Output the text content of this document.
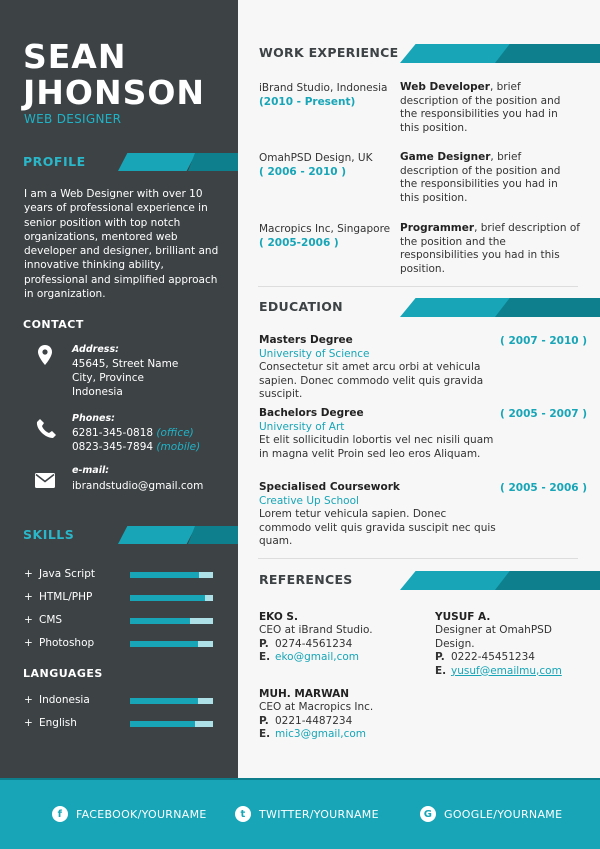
SEAN
JHONSON
WEB DESIGNER
PROFILE
I am a Web Designer with over 10 years of professional experience in senior position with top notch organizations, mentored web developer and designer, brilliant and innovative thinking ability, professional and simplified approach in organization.
CONTACT
Address:
45645, Street Name
City, Province
Indonesia
Phones:
6281-345-0818 (office)
0823-345-7894 (mobile)
e-mail:
ibrandstudio@gmail.com
SKILLS
+ Java Script
+ HTML/PHP
+ CMS
+ Photoshop
LANGUAGES
+ Indonesia
+ English
WORK EXPERIENCE
iBrand Studio, Indonesia
(2010 - Present)
Web Developer, brief description of the position and the responsibilities you had in this position.
OmahPSD Design, UK
( 2006 - 2010 )
Game Designer, brief description of the position and the responsibilities you had in this position.
Macropics Inc, Singapore
( 2005-2006 )
Programmer, brief description of the position and the responsibilities you had in this position.
EDUCATION
Masters Degree
University of Science
Consectetur sit amet arcu orbi at vehicula sapien. Donec commodo velit quis gravida suscipit.
( 2007 - 2010 )
Bachelors Degree
University of Art
Et elit sollicitudin lobortis vel nec nisili quam in magna velit Proin sed leo eros Aliquam.
( 2005 - 2007 )
Specialised Coursework
Creative Up School
Lorem tetur vehicula sapien. Donec commodo velit quis gravida suscipit nec quis quam.
( 2005 - 2006 )
REFERENCES
EKO S.
CEO at iBrand Studio.
P. 0274-4561234
E. eko@gmail,com
YUSUF A.
Designer at OmahPSD
Design.
P. 0222-45451234
E. yusuf@emailmu,com
MUH. MARWAN
CEO at Macropics Inc.
P. 0221-4487234
E. mic3@gmail,com
f	FACEBOOK/YOURNAME	t	TWITTER/YOURNAME	G	GOOGLE/YOURNAME
